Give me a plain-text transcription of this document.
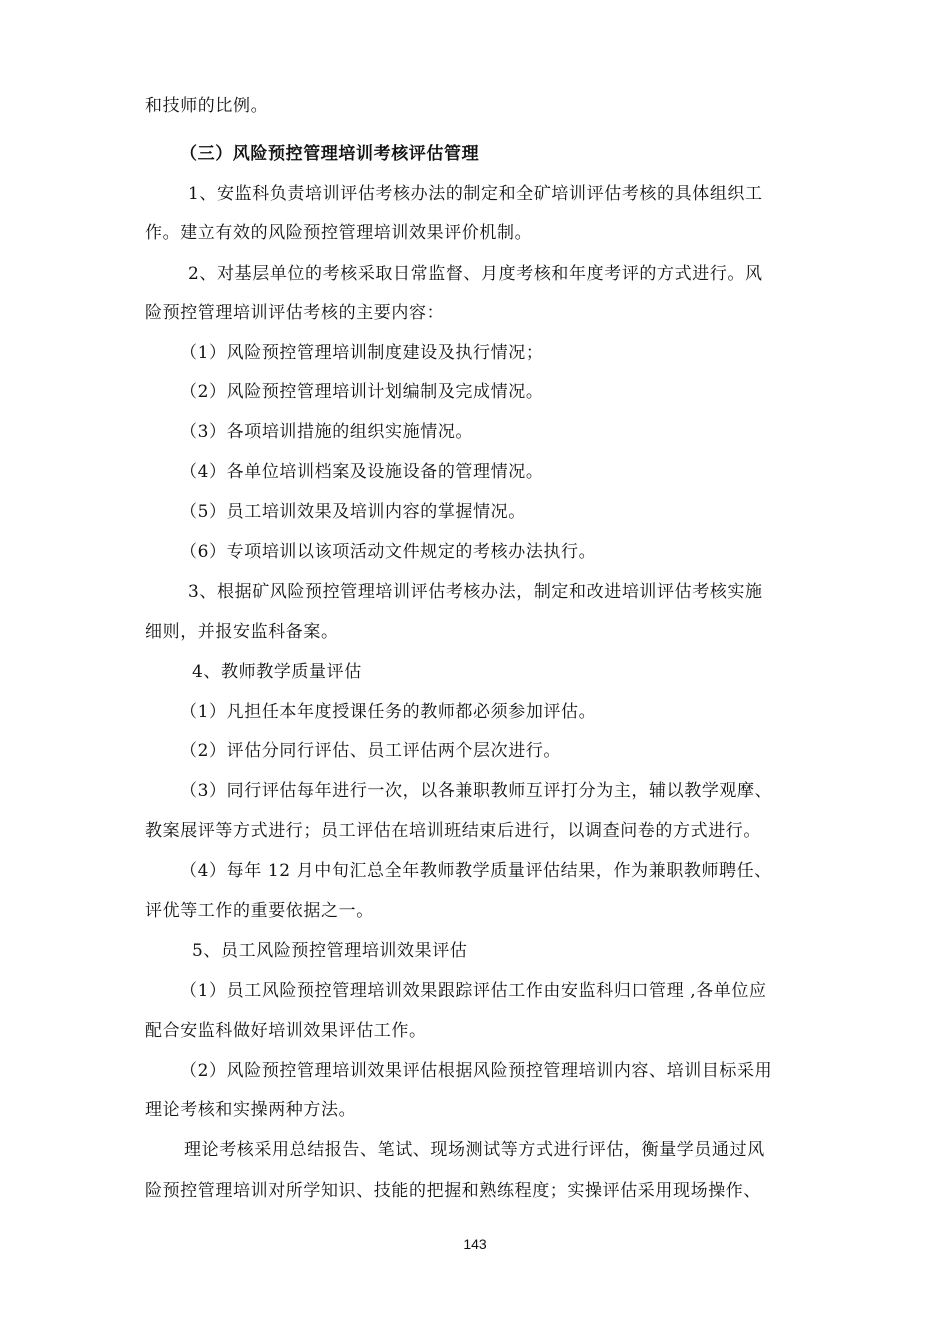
和技师的比例。
（三）风险预控管理培训考核评估管理
1、安监科负责培训评估考核办法的制定和全矿培训评估考核的具体组织工
作。建立有效的风险预控管理培训效果评价机制。
2、对基层单位的考核采取日常监督、月度考核和年度考评的方式进行。风
险预控管理培训评估考核的主要内容：
（1）风险预控管理培训制度建设及执行情况；
（2）风险预控管理培训计划编制及完成情况。
（3）各项培训措施的组织实施情况。
（4）各单位培训档案及设施设备的管理情况。
（5）员工培训效果及培训内容的掌握情况。
（6）专项培训以该项活动文件规定的考核办法执行。
3、根据矿风险预控管理培训评估考核办法，制定和改进培训评估考核实施
细则，并报安监科备案。
4、教师教学质量评估
（1）凡担任本年度授课任务的教师都必须参加评估。
（2）评估分同行评估、员工评估两个层次进行。
（3）同行评估每年进行一次，以各兼职教师互评打分为主，辅以教学观摩、
教案展评等方式进行；员工评估在培训班结束后进行，以调查问卷的方式进行。
（4）每年 12 月中旬汇总全年教师教学质量评估结果，作为兼职教师聘任、
评优等工作的重要依据之一。
5、员工风险预控管理培训效果评估
（1）员工风险预控管理培训效果跟踪评估工作由安监科归口管理 ,各单位应
配合安监科做好培训效果评估工作。
（2）风险预控管理培训效果评估根据风险预控管理培训内容、培训目标采用
理论考核和实操两种方法。
理论考核采用总结报告、笔试、现场测试等方式进行评估，衡量学员通过风
险预控管理培训对所学知识、技能的把握和熟练程度；实操评估采用现场操作、
143
